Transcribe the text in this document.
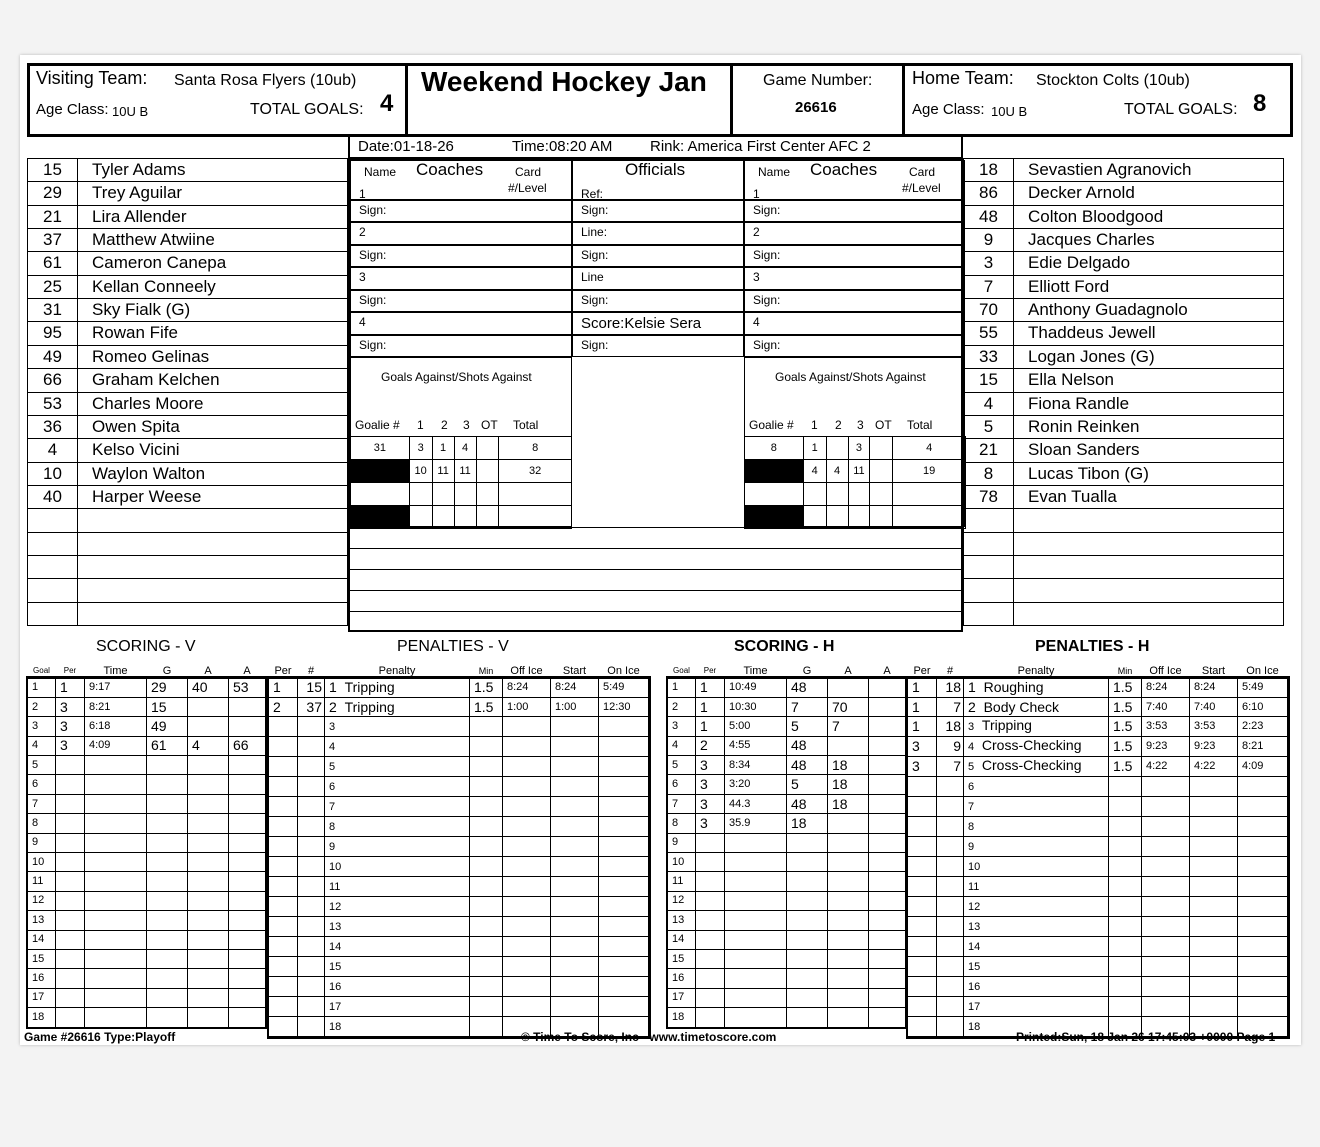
Visiting Team: Santa Rosa Flyers (10ub)
Age Class: 10U B	TOTAL GOALS: 4
Weekend Hockey Jan	Game Number:
26616
Home Team: Stockton Colts (10ub)
Age Class: 10U B	TOTAL GOALS: 8
Date:01-18-26	Time:08:20 AM	Rink: America First Center AFC 2
15	Tyler Adams
29	Trey Aguilar
21	Lira Allender
37	Matthew Atwiine
61	Cameron Canepa
25	Kellan Conneely
31	Sky Fialk (G)
95	Rowan Fife
49	Romeo Gelinas
66	Graham Kelchen
53	Charles Moore
36	Owen Spita
4	Kelso Vicini
10	Waylon Walton
40	Harper Weese
18	Sevastien Agranovich
86	Decker Arnold
48	Colton Bloodgood
9	Jacques Charles
3	Edie Delgado
7	Elliott Ford
70	Anthony Guadagnolo
55	Thaddeus Jewell
33	Logan Jones (G)
15	Ella Nelson
4	Fiona Randle
5	Ronin Reinken
21	Sloan Sanders
8	Lucas Tibon (G)
78	Evan Tualla
1
Sign:
2
Sign:
3
Sign:
4
Sign:
Ref:
Sign:
Line:
Sign:
Line
Sign:
Score:Kelsie Sera
Sign:
1
Sign:
2
Sign:
3
Sign:
4
Sign:
Name Coaches	Card
#/Level
Name Coaches	Card
#/Level
Officials
Goals Against/Shots Against
Goalie # 1 2 3 OT Total
31	3	1	4		8
	10	11	11		32

Goals Against/Shots Against
Goalie # 1 2 3 OT Total
8	1		3		4
	4	4	11		19

SCORING - V	PENALTIES - V	SCORING - H	PENALTIES - H
Goal	Per	Time	G	A	A
1	1	9:17	29	40	53
2	3	8:21	15		
3	3	6:18	49		
4	3	4:09	61	4	66
5					
6					
7					
8					
9					
10					
11					
12					
13					
14					
15					
16					
17					
18					
Per	#	Penalty	Min	Off Ice	Start	On Ice
1	15	1 Tripping	1.5	8:24	8:24	5:49
2	37	2 Tripping	1.5	1:00	1:00	12:30
		3				
		4				
		5				
		6				
		7				
		8				
		9				
		10				
		11				
		12				
		13				
		14				
		15				
		16				
		17				
		18				
Goal	Per	Time	G	A	A
1	1	10:49	48		
2	1	10:30	7	70	
3	1	5:00	5	7	
4	2	4:55	48		
5	3	8:34	48	18	
6	3	3:20	5	18	
7	3	44.3	48	18	
8	3	35.9	18		
9					
10					
11					
12					
13					
14					
15					
16					
17					
18					
Per	#	Penalty	Min	Off Ice	Start	On Ice
1	18	1 Roughing	1.5	8:24	8:24	5:49
1	7	2 Body Check	1.5	7:40	7:40	6:10
1	18	3 Tripping	1.5	3:53	3:53	2:23
3	9	4 Cross-Checking	1.5	9:23	9:23	8:21
3	7	5 Cross-Checking	1.5	4:22	4:22	4:09
		6				
		7				
		8				
		9				
		10				
		11				
		12				
		13				
		14				
		15				
		16				
		17				
		18				
Game #26616 Type:Playoff	© Time To Score, Inc - www.timetoscore.com	Printed:Sun, 18 Jan 26 17:45:03 +0000 Page 1
